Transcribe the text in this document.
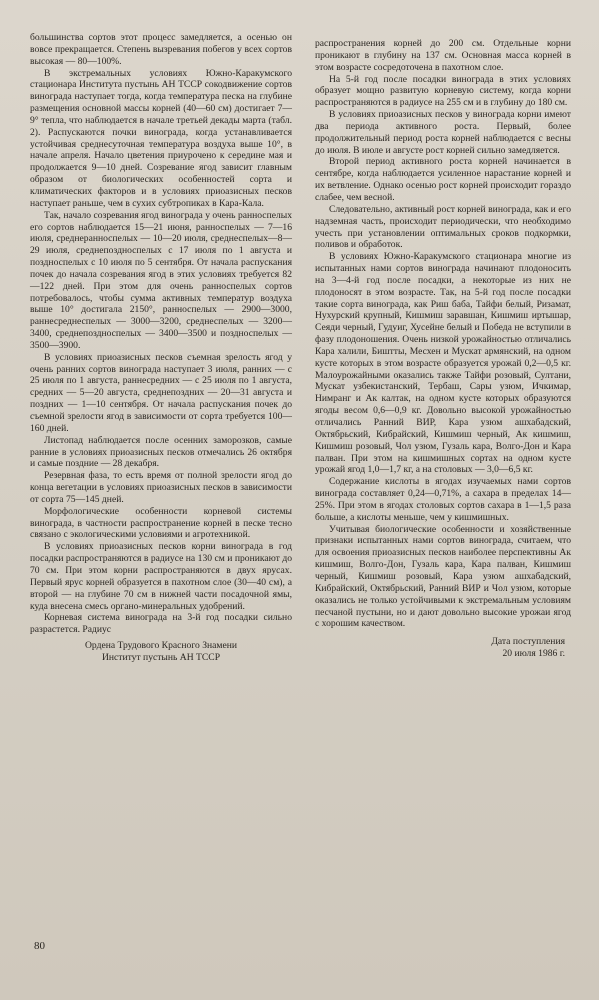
большинства сортов этот процесс замедляется, а осенью он вовсе прекращается. Степень вызревания побегов у всех сортов высокая — 80—100%.

В экстремальных условиях Южно-Каракумского стационара Института пустынь АН ТССР сокодвижение сортов винограда наступает тогда, когда температура песка на глубине размещения основной массы корней (40—60 см) достигает 7—9° тепла, что наблюдается в начале третьей декады марта (табл. 2). Распускаются почки винограда, когда устанавливается устойчивая среднесуточная температура воздуха выше 10°, в начале апреля. Начало цветения приурочено к середине мая и продолжается 9—10 дней. Созревание ягод зависит главным образом от биологических особенностей сорта и климатических факторов и в условиях приоазисных песков наступает раньше, чем в сухих субтропиках в Кара-Кала.

Так, начало созревания ягод винограда у очень ранноспелых его сортов наблюдается 15—21 июня, ранноспелых — 7—16 июля, среднеранноспелых — 10—20 июля, среднеспелых—8—29 июля, среднепоздноспелых с 17 июля по 1 августа и поздноспелых с 10 июля по 5 сентября. От начала распускания почек до начала созревания ягод в этих условиях требуется 82—122 дней. При этом для очень ранноспелых сортов потребовалось, чтобы сумма активных температур воздуха выше 10° достигала 2150°, ранноспелых — 2900—3000, раннесреднеспелых — 3000—3200, среднеспелых — 3200—3400, среднепоздноспелых — 3400—3500 и поздноспелых — 3500—3900.

В условиях приоазисных песков съемная зрелость ягод у очень ранних сортов винограда наступает 3 июля, ранних — с 25 июля по 1 августа, раннесредних — с 25 июля по 1 августа, средних — 5—20 августа, среднепоздних — 20—31 августа и поздних — 1—10 сентября. От начала распускания почек до съемной зрелости ягод в зависимости от сорта требуется 100—160 дней.

Листопад наблюдается после осенних заморозков, самые ранние в условиях приоазисных песков отмечались 26 октября и самые поздние — 28 декабря.

Резервная фаза, то есть время от полной зрелости ягод до конца вегетации в условиях приоазисных песков в зависимости от сорта 75—145 дней.

Морфологические особенности корневой системы винограда, в частности распространение корней в песке тесно связано с экологическими условиями и агротехникой.

В условиях приоазисных песков корни винограда в год посадки распространяются в радиусе на 130 см и проникают до 70 см. При этом корни распространяются в двух ярусах. Первый ярус корней образуется в пахотном слое (30—40 см), а второй — на глубине 70 см в нижней части посадочной ямы, куда внесена смесь органо-минеральных удобрений.

Корневая система винограда на 3-й год посадки сильно разрастется. Радиус

Ордена Трудового Красного Знамени

Институт пустынь АН ТССР

распространения корней до 200 см. Отдельные корни проникают в глубину на 137 см. Основная масса корней в этом возрасте сосредоточена в пахотном слое.

На 5-й год после посадки винограда в этих условиях образует мощно развитую корневую систему, когда корни распространяются в радиусе на 255 см и в глубину до 180 см.

В условиях приоазисных песков у винограда корни имеют два периода активного роста. Первый, более продолжительный период роста корней наблюдается с весны до июля. В июле и августе рост корней сильно замедляется.

Второй период активного роста корней начинается в сентябре, когда наблюдается усиленное нарастание корней и их ветвление. Однако осенью рост корней происходит гораздо слабее, чем весной.

Следовательно, активный рост корней винограда, как и его надземная часть, происходит периодически, что необходимо учесть при установлении оптимальных сроков подкормки, поливов и обработок.

В условиях Южно-Каракумского стационара многие из испытанных нами сортов винограда начинают плодоносить на 3—4-й год после посадки, а некоторые из них не плодоносят в этом возрасте. Так, на 5-й год после посадки такие сорта винограда, как Риш баба, Тайфи белый, Ризамат, Нухурский крупный, Кишмиш заравшан, Кишмиш иртышар, Сеяди черный, Гудуиг, Хусейне белый и Победа не вступили в фазу плодоношения. Очень низкой урожайностью отличались Кара халили, Биштты, Месхен и Мускат армянский, на одном кусте которых в этом возрасте образуется урожай 0,2—0,5 кг. Малоурожайными оказались также Тайфи розовый, Султани, Мускат узбекистанский, Тербаш, Сары узюм, Ичкимар, Нимранг и Ак калтак, на одном кусте которых образуются ягоды весом 0,6—0,9 кг. Довольно высокой урожайностью отличались Ранний ВИР, Кара узюм ашхабадский, Октябрьский, Кибрайский, Кишмиш черный, Ак кишмиш, Кишмиш розовый, Чол узюм, Гузаль кара, Волго-Дон и Кара палван. При этом на кишмишных сортах на одном кусте урожай ягод 1,0—1,7 кг, а на столовых — 3,0—6,5 кг.

Содержание кислоты в ягодах изучаемых нами сортов винограда составляет 0,24—0,71%, а сахара в пределах 14—25%. При этом в ягодах столовых сортов сахара в 1—1,5 раза больше, а кислоты меньше, чем у кишмишных.

Учитывая биологические особенности и хозяйственные признаки испытанных нами сортов винограда, считаем, что для освоения приоазисных песков наиболее перспективны Ак кишмиш, Волго-Дон, Гузаль кара, Кара палван, Кишмиш черный, Кишмиш розовый, Кара узюм ашхабадский, Кибрайский, Октябрьский, Ранний ВИР и Чол узюм, которые оказались не только устойчивыми к экстремальным условиям песчаной пустыни, но и дают довольно высокие урожаи ягод с хорошим качеством.

Дата поступления

20 июля 1986 г.

80
